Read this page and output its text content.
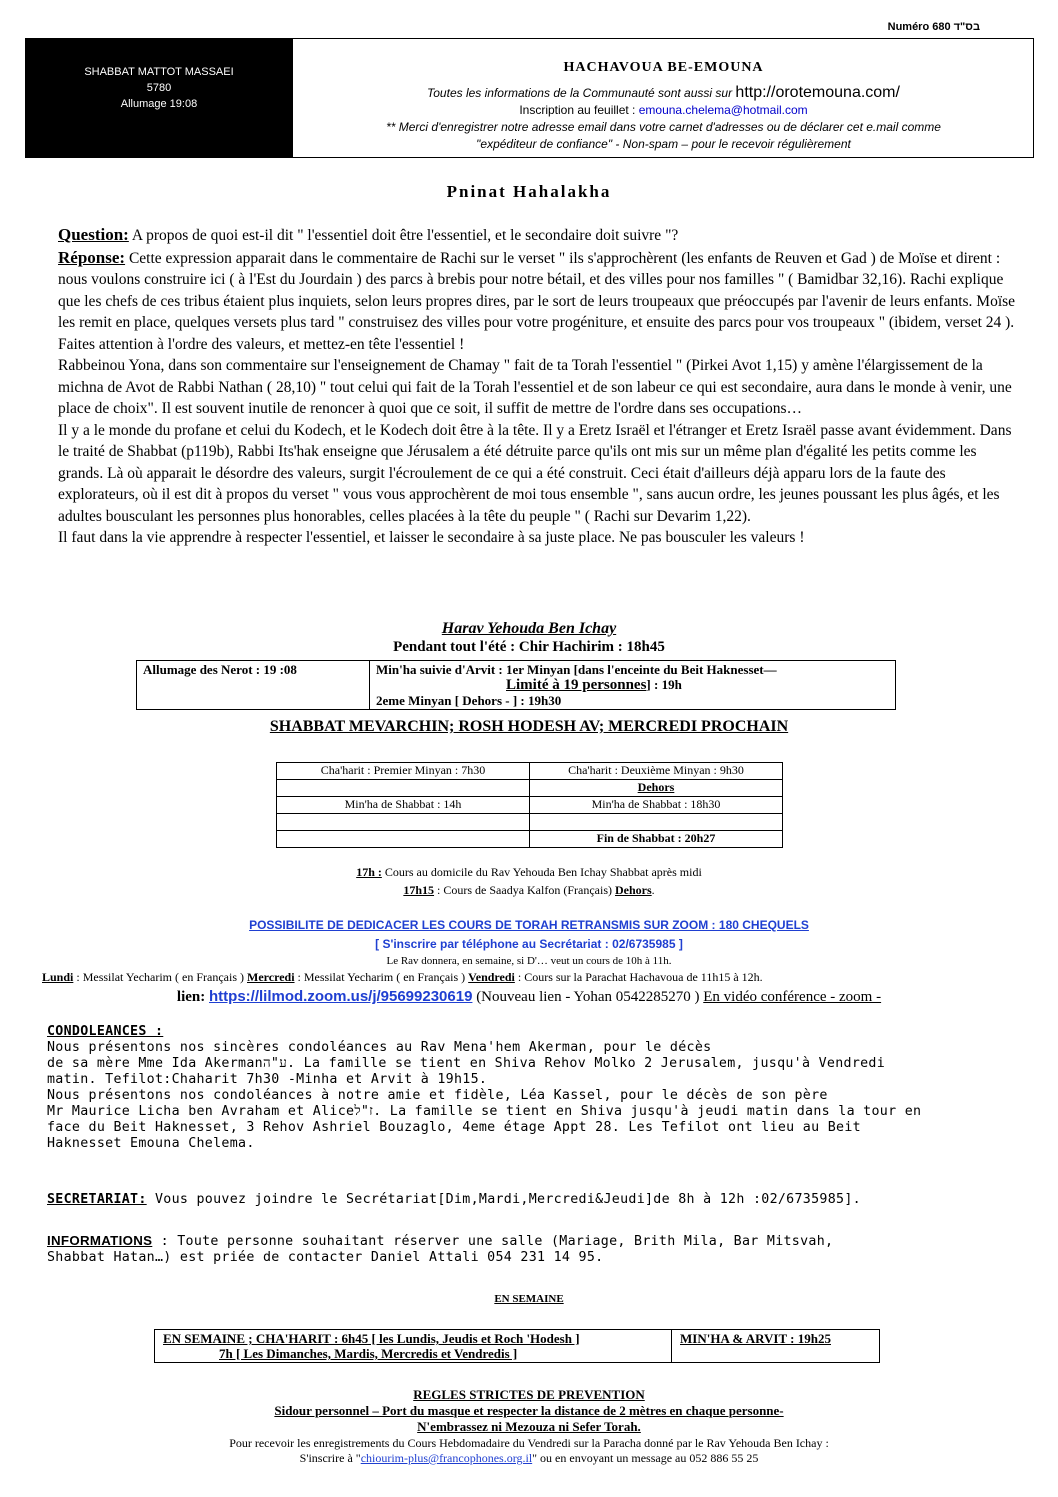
Numéro 680 בס"ד
SHABBAT MATTOT MASSAEI
5780
Allumage 19:08
HACHAVOUA BE-EMOUNA
Toutes les informations de la Communauté sont aussi sur http://orotemouna.com/
Inscription au feuillet : emouna.chelema@hotmail.com
** Merci d'enregistrer notre adresse email dans votre carnet d'adresses ou de déclarer cet e.mail comme
"expéditeur de confiance" - Non-spam – pour le recevoir régulièrement
Pninat Hahalakha

Question: A propos de quoi est-il dit " l'essentiel doit être l'essentiel, et le secondaire doit suivre "?

Réponse: Cette expression apparait dans le commentaire de Rachi sur le verset " ils s'approchèrent (les enfants de Reuven et Gad ) de Moïse et dirent : nous voulons construire ici ( à l'Est du Jourdain ) des parcs à brebis pour notre bétail, et des villes pour nos familles " ( Bamidbar 32,16). Rachi explique que les chefs de ces tribus étaient plus inquiets, selon leurs propres dires, par le sort de leurs troupeaux que préoccupés par l'avenir de leurs enfants. Moïse les remit en place, quelques versets plus tard " construisez des villes pour votre progéniture, et ensuite des parcs pour vos troupeaux " (ibidem, verset 24 ). Faites attention à l'ordre des valeurs, et mettez-en tête l'essentiel !

Rabbeinou Yona, dans son commentaire sur l'enseignement de Chamay " fait de ta Torah l'essentiel " (Pirkei Avot 1,15) y amène l'élargissement de la michna de Avot de Rabbi Nathan ( 28,10) " tout celui qui fait de la Torah l'essentiel et de son labeur ce qui est secondaire, aura dans le monde à venir, une place de choix". Il est souvent inutile de renoncer à quoi que ce soit, il suffit de mettre de l'ordre dans ses occupations…

Il y a le monde du profane et celui du Kodech, et le Kodech doit être à la tête. Il y a Eretz Israël et l'étranger et Eretz Israël passe avant évidemment. Dans le traité de Shabbat (p119b), Rabbi Its'hak enseigne que Jérusalem a été détruite parce qu'ils ont mis sur un même plan d'égalité les petits comme les grands. Là où apparait le désordre des valeurs, surgit l'écroulement de ce qui a été construit. Ceci était d'ailleurs déjà apparu lors de la faute des explorateurs, où il est dit à propos du verset " vous vous approchèrent de moi tous ensemble ", sans aucun ordre, les jeunes poussant les plus âgés, et les adultes bousculant les personnes plus honorables, celles placées à la tête du peuple " ( Rachi sur Devarim 1,22).

Il faut dans la vie apprendre à respecter l'essentiel, et laisser le secondaire à sa juste place. Ne pas bousculer les valeurs !

Harav Yehouda Ben Ichay
Pendant tout l'été : Chir Hachirim : 18h45
Allumage des Nerot : 19 :08	Min'ha suivie d'Arvit : 1er Minyan [dans l'enceinte du Beit Haknesset—
Limité à 19 personnes] : 19h
2eme Minyan [ Dehors - ] : 19h30
SHABBAT MEVARCHIN; ROSH HODESH AV; MERCREDI PROCHAIN
Cha'harit : Premier Minyan : 7h30	Cha'harit : Deuxième Minyan : 9h30
	Dehors
Min'ha de Shabbat : 14h	Min'ha de Shabbat : 18h30

	Fin de Shabbat : 20h27
17h : Cours au domicile du Rav Yehouda Ben Ichay Shabbat après midi
17h15 : Cours de Saadya Kalfon (Français) Dehors.
POSSIBILITE DE DEDICACER LES COURS DE TORAH RETRANSMIS SUR ZOOM : 180 CHEQUELS
[ S'inscrire par téléphone au Secrétariat : 02/6735985 ]
Le Rav donnera, en semaine, si D'… veut un cours de 10h à 11h.
Lundi : Messilat Yecharim ( en Français ) Mercredi : Messilat Yecharim ( en Français ) Vendredi : Cours sur la Parachat Hachavoua de 11h15 à 12h.
lien: https://lilmod.zoom.us/j/95699230619 (Nouveau lien - Yohan 0542285270 ) En vidéo conférence - zoom -
CONDOLEANCES :
Nous présentons nos sincères condoléances au Rav Mena'hem Akerman, pour le décès
de sa mère Mme Ida Akermanע"ה. La famille se tient en Shiva Rehov Molko 2 Jerusalem, jusqu'à Vendredi
matin. Tefilot:Chaharit 7h30 -Minha et Arvit à 19h15.
Nous présentons nos condoléances à notre amie et fidèle, Léa Kassel, pour le décès de son père
Mr Maurice Licha ben Avraham et Aliceז"ל. La famille se tient en Shiva jusqu'à jeudi matin dans la tour en
face du Beit Haknesset, 3 Rehov Ashriel Bouzaglo, 4eme étage Appt 28. Les Tefilot ont lieu au Beit
Haknesset Emouna Chelema.
SECRETARIAT: Vous pouvez joindre le Secrétariat[Dim,Mardi,Mercredi&Jeudi]de 8h à 12h :02/6735985].
INFORMATIONS : Toute personne souhaitant réserver une salle (Mariage, Brith Mila, Bar Mitsvah,
Shabbat Hatan…) est priée de contacter Daniel Attali 054 231 14 95.
EN SEMAINE
EN SEMAINE ; CHA'HARIT : 6h45 [ les Lundis, Jeudis et Roch 'Hodesh ]
7h [ Les Dimanches, Mardis, Mercredis et Vendredis ]
	MIN'HA & ARVIT : 19h25
REGLES STRICTES DE PREVENTION
Sidour personnel – Port du masque et respecter la distance de 2 mètres en chaque personne-
N'embrassez ni Mezouza ni Sefer Torah.
Pour recevoir les enregistrements du Cours Hebdomadaire du Vendredi sur la Paracha donné par le Rav Yehouda Ben Ichay :
S'inscrire à "chiourim-plus@francophones.org.il" ou en envoyant un message au 052 886 55 25
